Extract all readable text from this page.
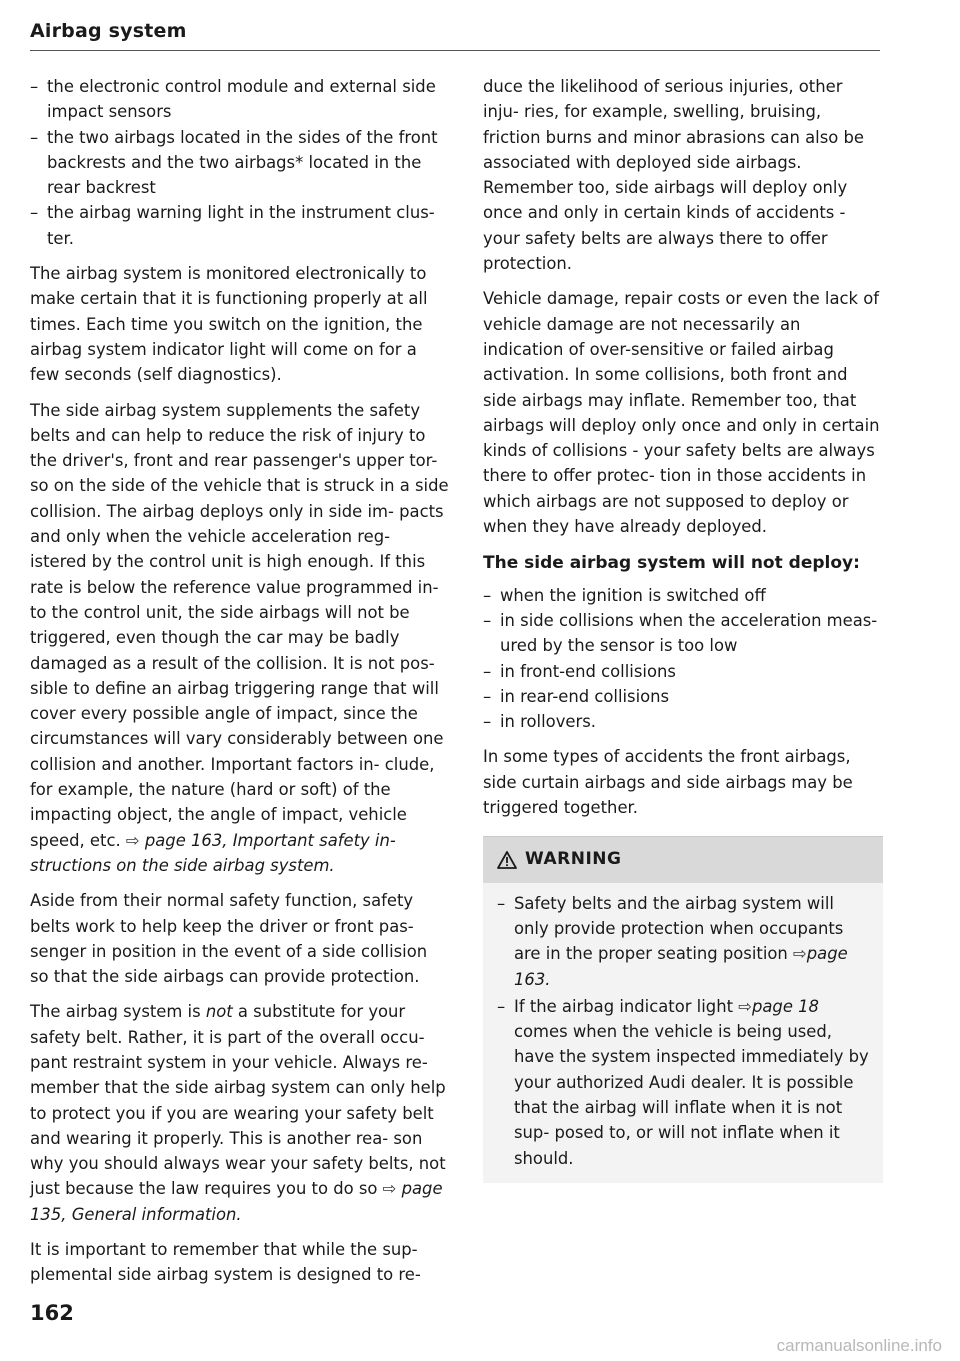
Airbag system
– the electronic control module and external side impact sensors
– the two airbags located in the sides of the front backrests and the two airbags* located in the rear backrest
– the airbag warning light in the instrument clus- ter.

The airbag system is monitored electronically to make certain that it is functioning properly at all times. Each time you switch on the ignition, the airbag system indicator light will come on for a few seconds (self diagnostics).

The side airbag system supplements the safety belts and can help to reduce the risk of injury to the driver's, front and rear passenger's upper tor- so on the side of the vehicle that is struck in a side collision. The airbag deploys only in side im- pacts and only when the vehicle acceleration reg- istered by the control unit is high enough. If this rate is below the reference value programmed in- to the control unit, the side airbags will not be triggered, even though the car may be badly damaged as a result of the collision. It is not pos- sible to define an airbag triggering range that will cover every possible angle of impact, since the circumstances will vary considerably between one collision and another. Important factors in- clude, for example, the nature (hard or soft) of the impacting object, the angle of impact, vehicle speed, etc. ⇨ page 163, Important safety in- structions on the side airbag system.

Aside from their normal safety function, safety belts work to help keep the driver or front pas- senger in position in the event of a side collision so that the side airbags can provide protection.

The airbag system is not a substitute for your safety belt. Rather, it is part of the overall occu- pant restraint system in your vehicle. Always re- member that the side airbag system can only help to protect you if you are wearing your safety belt and wearing it properly. This is another rea- son why you should always wear your safety belts, not just because the law requires you to do so ⇨ page 135, General information.

It is important to remember that while the sup- plemental side airbag system is designed to re-

duce the likelihood of serious injuries, other inju- ries, for example, swelling, bruising, friction burns and minor abrasions can also be associated with deployed side airbags. Remember too, side airbags will deploy only once and only in certain kinds of accidents - your safety belts are always there to offer protection.

Vehicle damage, repair costs or even the lack of vehicle damage are not necessarily an indication of over-sensitive or failed airbag activation. In some collisions, both front and side airbags may inflate. Remember too, that airbags will deploy only once and only in certain kinds of collisions - your safety belts are always there to offer protec- tion in those accidents in which airbags are not supposed to deploy or when they have already deployed.

The side airbag system will not deploy:
– when the ignition is switched off
– in side collisions when the acceleration meas- ured by the sensor is too low
– in front-end collisions
– in rear-end collisions
– in rollovers.

In some types of accidents the front airbags, side curtain airbags and side airbags may be triggered together.

WARNING
– Safety belts and the airbag system will only provide protection when occupants are in the proper seating position ⇨page 163.
– If the airbag indicator light ⇨page 18 comes when the vehicle is being used, have the system inspected immediately by your authorized Audi dealer. It is possible that the airbag will inflate when it is not sup- posed to, or will not inflate when it should.
162
carmanualsonline.info
